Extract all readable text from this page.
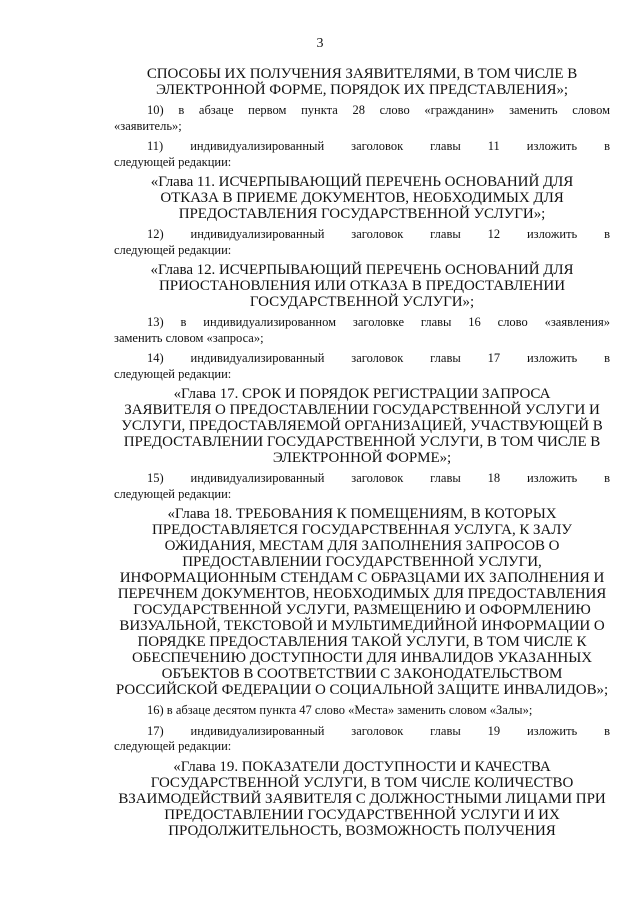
3
СПОСОБЫ ИХ ПОЛУЧЕНИЯ ЗАЯВИТЕЛЯМИ, В ТОМ ЧИСЛЕ В
ЭЛЕКТРОННОЙ ФОРМЕ, ПОРЯДОК ИХ ПРЕДСТАВЛЕНИЯ»;
10) в абзаце первом пункта 28 слово «гражданин» заменить словом
«заявитель»;
11) индивидуализированный заголовок главы 11 изложить в
следующей редакции:
«Глава 11. ИСЧЕРПЫВАЮЩИЙ ПЕРЕЧЕНЬ ОСНОВАНИЙ ДЛЯ
ОТКАЗА В ПРИЕМЕ ДОКУМЕНТОВ, НЕОБХОДИМЫХ ДЛЯ
ПРЕДОСТАВЛЕНИЯ ГОСУДАРСТВЕННОЙ УСЛУГИ»;
12) индивидуализированный заголовок главы 12 изложить в
следующей редакции:
«Глава 12. ИСЧЕРПЫВАЮЩИЙ ПЕРЕЧЕНЬ ОСНОВАНИЙ ДЛЯ
ПРИОСТАНОВЛЕНИЯ ИЛИ ОТКАЗА В ПРЕДОСТАВЛЕНИИ
ГОСУДАРСТВЕННОЙ УСЛУГИ»;
13) в индивидуализированном заголовке главы 16 слово «заявления»
заменить словом «запроса»;
14) индивидуализированный заголовок главы 17 изложить в
следующей редакции:
«Глава 17. СРОК И ПОРЯДОК РЕГИСТРАЦИИ ЗАПРОСА
ЗАЯВИТЕЛЯ О ПРЕДОСТАВЛЕНИИ ГОСУДАРСТВЕННОЙ УСЛУГИ И
УСЛУГИ, ПРЕДОСТАВЛЯЕМОЙ ОРГАНИЗАЦИЕЙ, УЧАСТВУЮЩЕЙ В
ПРЕДОСТАВЛЕНИИ ГОСУДАРСТВЕННОЙ УСЛУГИ, В ТОМ ЧИСЛЕ В
ЭЛЕКТРОННОЙ ФОРМЕ»;
15) индивидуализированный заголовок главы 18 изложить в
следующей редакции:
«Глава 18. ТРЕБОВАНИЯ К ПОМЕЩЕНИЯМ, В КОТОРЫХ
ПРЕДОСТАВЛЯЕТСЯ ГОСУДАРСТВЕННАЯ УСЛУГА, К ЗАЛУ
ОЖИДАНИЯ, МЕСТАМ ДЛЯ ЗАПОЛНЕНИЯ ЗАПРОСОВ О
ПРЕДОСТАВЛЕНИИ ГОСУДАРСТВЕННОЙ УСЛУГИ,
ИНФОРМАЦИОННЫМ СТЕНДАМ С ОБРАЗЦАМИ ИХ ЗАПОЛНЕНИЯ И
ПЕРЕЧНЕМ ДОКУМЕНТОВ, НЕОБХОДИМЫХ ДЛЯ ПРЕДОСТАВЛЕНИЯ
ГОСУДАРСТВЕННОЙ УСЛУГИ, РАЗМЕЩЕНИЮ И ОФОРМЛЕНИЮ
ВИЗУАЛЬНОЙ, ТЕКСТОВОЙ И МУЛЬТИМЕДИЙНОЙ ИНФОРМАЦИИ О
ПОРЯДКЕ ПРЕДОСТАВЛЕНИЯ ТАКОЙ УСЛУГИ, В ТОМ ЧИСЛЕ К
ОБЕСПЕЧЕНИЮ ДОСТУПНОСТИ ДЛЯ ИНВАЛИДОВ УКАЗАННЫХ
ОБЪЕКТОВ В СООТВЕТСТВИИ С ЗАКОНОДАТЕЛЬСТВОМ
РОССИЙСКОЙ ФЕДЕРАЦИИ О СОЦИАЛЬНОЙ ЗАЩИТЕ ИНВАЛИДОВ»;
16) в абзаце десятом пункта 47 слово «Места» заменить словом «Залы»;
17) индивидуализированный заголовок главы 19 изложить в
следующей редакции:
«Глава 19. ПОКАЗАТЕЛИ ДОСТУПНОСТИ И КАЧЕСТВА
ГОСУДАРСТВЕННОЙ УСЛУГИ, В ТОМ ЧИСЛЕ КОЛИЧЕСТВО
ВЗАИМОДЕЙСТВИЙ ЗАЯВИТЕЛЯ С ДОЛЖНОСТНЫМИ ЛИЦАМИ ПРИ
ПРЕДОСТАВЛЕНИИ ГОСУДАРСТВЕННОЙ УСЛУГИ И ИХ
ПРОДОЛЖИТЕЛЬНОСТЬ, ВОЗМОЖНОСТЬ ПОЛУЧЕНИЯ
